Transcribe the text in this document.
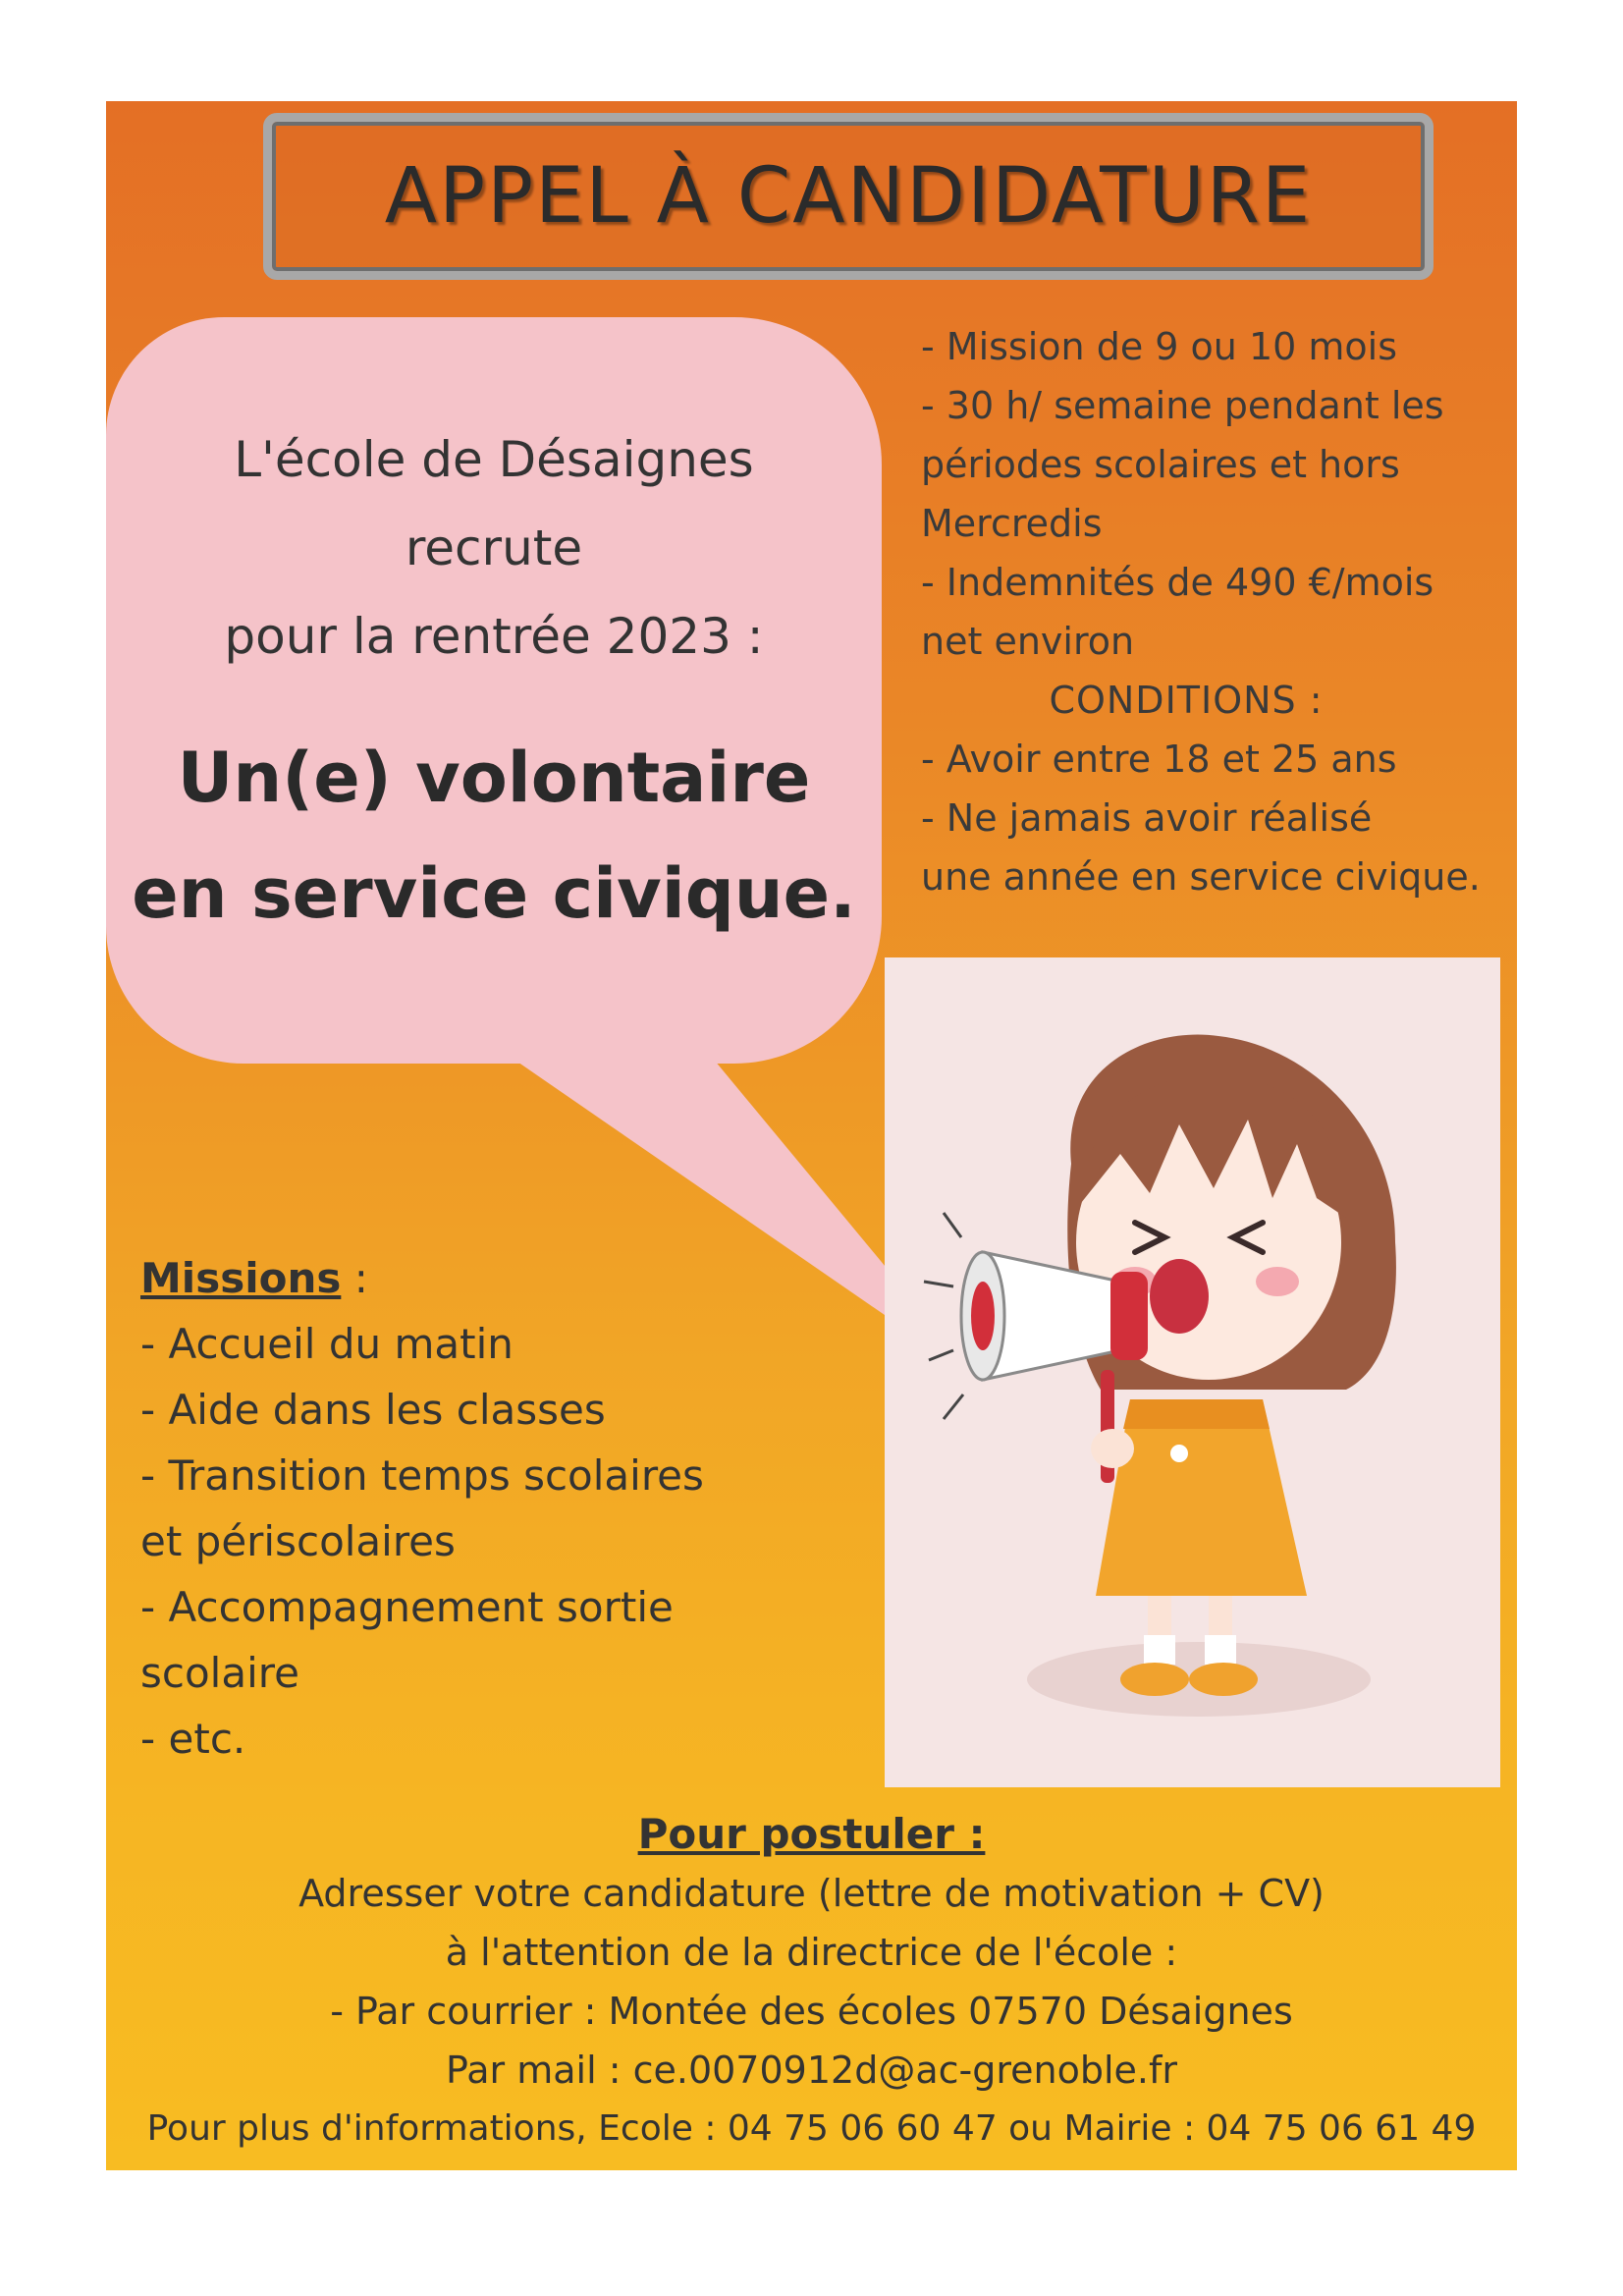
APPEL À CANDIDATURE

L'école de Désaignes

recrute

pour la rentrée 2023 :

Un(e) volontaire

en service civique.

- Mission de 9 ou 10 mois
- 30 h/ semaine pendant les
périodes scolaires et hors
Mercredis
- Indemnités de 490 €/mois
net environ
CONDITIONS :
- Avoir entre 18 et 25 ans
- Ne jamais avoir réalisé
une année en service civique.
Missions :
- Accueil du matin
- Aide dans les classes
- Transition temps scolaires
et périscolaires
- Accompagnement sortie
scolaire
- etc.
Pour postuler :
Adresser votre candidature (lettre de motivation + CV)
à l'attention de la directrice de l'école :
- Par courrier : Montée des écoles 07570 Désaignes
Par mail : ce.0070912d@ac-grenoble.fr
Pour plus d'informations, Ecole : 04 75 06 60 47 ou Mairie : 04 75 06 61 49
